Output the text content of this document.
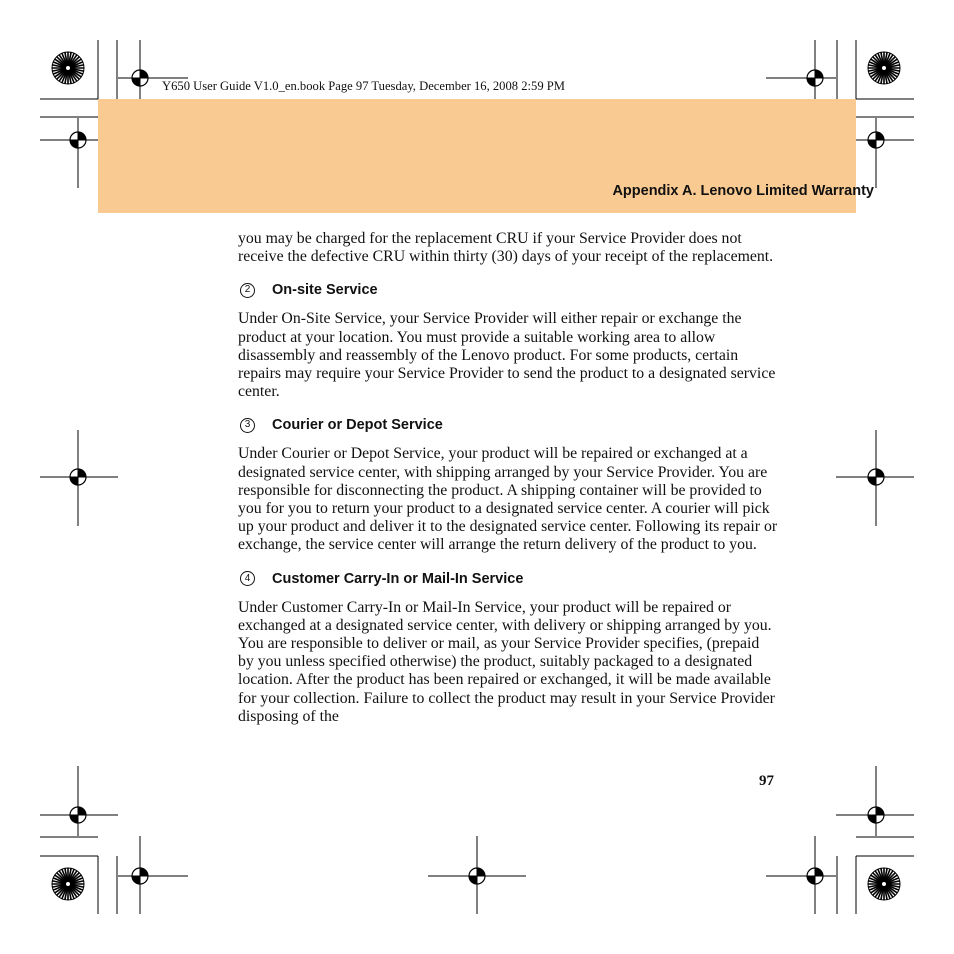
Y650 User Guide V1.0_en.book Page 97 Tuesday, December 16, 2008 2:59 PM
Appendix A. Lenovo Limited Warranty

you may be charged for the replacement CRU if your Service Provider does not receive the defective CRU within thirty (30) days of your receipt of the replacement.

2	On-site Service

Under On-Site Service, your Service Provider will either repair or exchange the product at your location. You must provide a suitable working area to allow disassembly and reassembly of the Lenovo product. For some products, certain repairs may require your Service Provider to send the product to a designated service center.

3	Courier or Depot Service

Under Courier or Depot Service, your product will be repaired or exchanged at a designated service center, with shipping arranged by your Service Provider. You are responsible for disconnecting the product. A shipping container will be provided to you for you to return your product to a designated service center. A courier will pick up your product and deliver it to the designated service center. Following its repair or exchange, the service center will arrange the return delivery of the product to you.

4	Customer Carry-In or Mail-In Service

Under Customer Carry-In or Mail-In Service, your product will be repaired or exchanged at a designated service center, with delivery or shipping arranged by you. You are responsible to deliver or mail, as your Service Provider specifies, (prepaid by you unless specified otherwise) the product, suitably packaged to a designated location. After the product has been repaired or exchanged, it will be made available for your collection. Failure to collect the product may result in your Service Provider disposing of the

97
